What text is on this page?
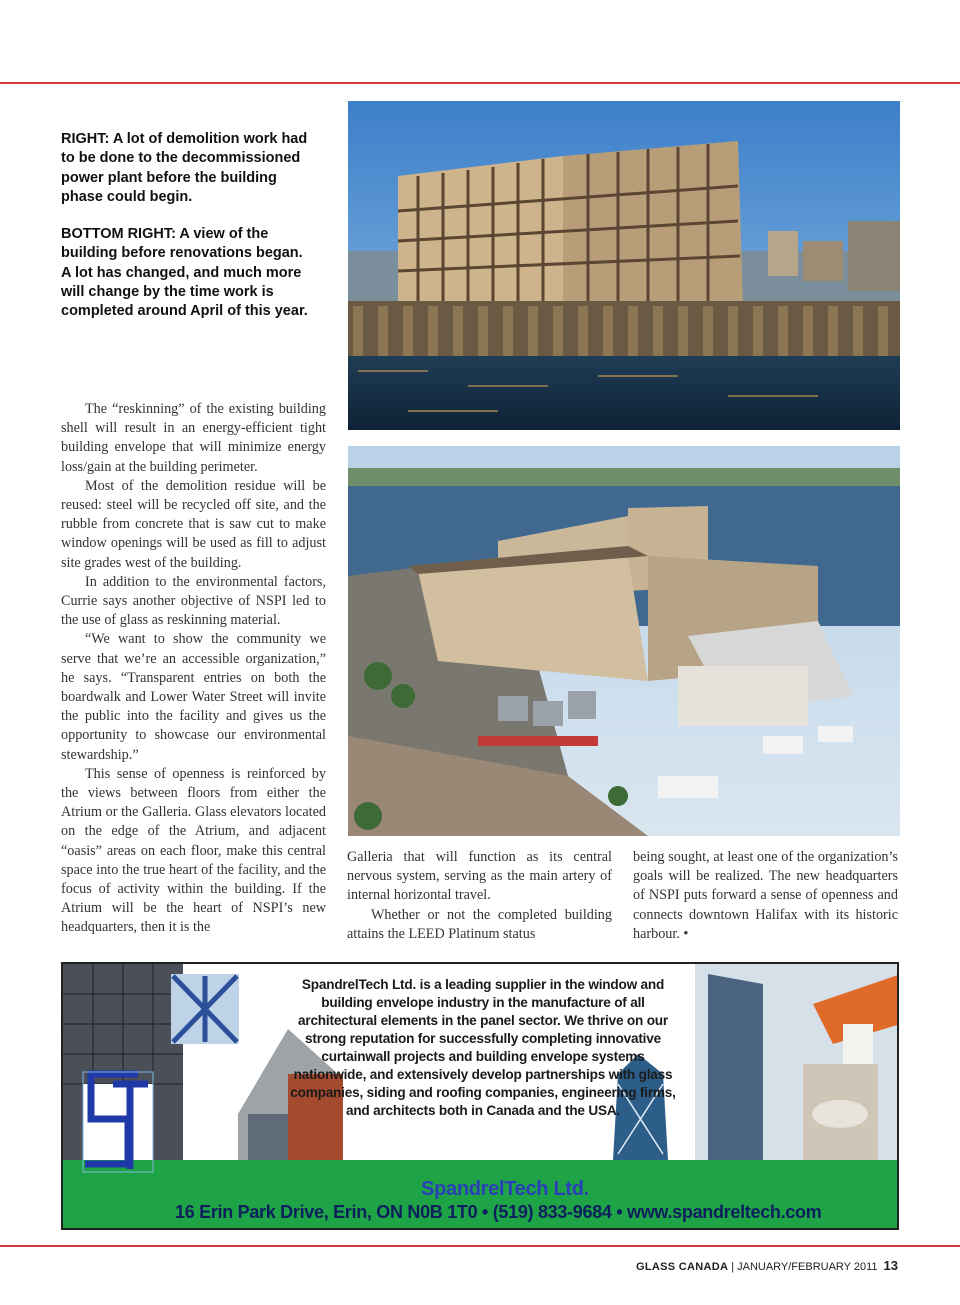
RIGHT: A lot of demolition work had to be done to the decommissioned power plant before the building phase could begin.

BOTTOM RIGHT: A view of the building before renovations began. A lot has changed, and much more will change by the time work is completed around April of this year.

The “reskinning” of the existing building shell will result in an energy-efficient tight building envelope that will minimize energy loss/gain at the building perimeter.

Most of the demolition residue will be reused: steel will be recycled off site, and the rubble from concrete that is saw cut to make window openings will be used as fill to adjust site grades west of the building.

In addition to the environmental factors, Currie says another objective of NSPI led to the use of glass as reskinning material.

“We want to show the community we serve that we’re an accessible organization,” he says. “Transparent entries on both the boardwalk and Lower Water Street will invite the public into the facility and gives us the opportunity to showcase our environmental stewardship.”

This sense of openness is reinforced by the views between floors from either the Atrium or the Galleria. Glass elevators located on the edge of the Atrium, and adjacent “oasis” areas on each floor, make this central space into the true heart of the facility, and the focus of activity within the building. If the Atrium will be the heart of NSPI’s new headquarters, then it is the

Galleria that will function as its central nervous system, serving as the main artery of internal horizontal travel.

Whether or not the completed building attains the LEED Platinum status

being sought, at least one of the organization’s goals will be realized. The new headquarters of NSPI puts forward a sense of openness and connects downtown Halifax with its historic harbour. •

SpandrelTech Ltd. is a leading supplier in the window and building envelope industry in the manufacture of all architectural elements in the panel sector. We thrive on our strong reputation for successfully completing innovative curtainwall projects and building envelope systems nationwide, and extensively develop partnerships with glass companies, siding and roofing companies, engineering firms, and architects both in Canada and the USA.
SpandrelTech Ltd.
16 Erin Park Drive, Erin, ON N0B 1T0 • (519) 833-9684 • www.spandreltech.com
GLASS CANADA | JANUARY/FEBRUARY 2011 13
